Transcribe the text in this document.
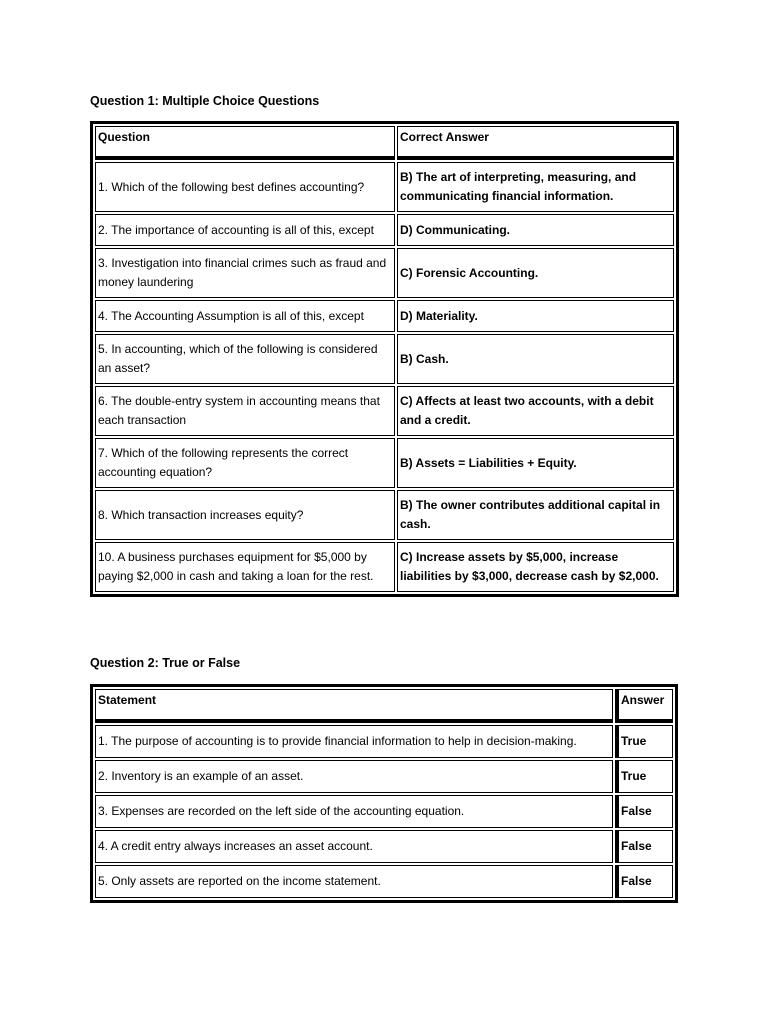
Question 1: Multiple Choice Questions

Question	Correct Answer
1. Which of the following best defines accounting?	B) The art of interpreting, measuring, and communicating financial information.
2. The importance of accounting is all of this, except	D) Communicating.
3. Investigation into financial crimes such as fraud and money laundering	C) Forensic Accounting.
4. The Accounting Assumption is all of this, except	D) Materiality.
5. In accounting, which of the following is considered an asset?	B) Cash.
6. The double-entry system in accounting means that each transaction	C) Affects at least two accounts, with a debit and a credit.
7. Which of the following represents the correct accounting equation?	B) Assets = Liabilities + Equity.
8. Which transaction increases equity?	B) The owner contributes additional capital in cash.
10. A business purchases equipment for $5,000 by paying $2,000 in cash and taking a loan for the rest.	C) Increase assets by $5,000, increase liabilities by $3,000, decrease cash by $2,000.

Question 2: True or False

Statement	Answer
1. The purpose of accounting is to provide financial information to help in decision-making.	True
2. Inventory is an example of an asset.	True
3. Expenses are recorded on the left side of the accounting equation.	False
4. A credit entry always increases an asset account.	False
5. Only assets are reported on the income statement.	False
